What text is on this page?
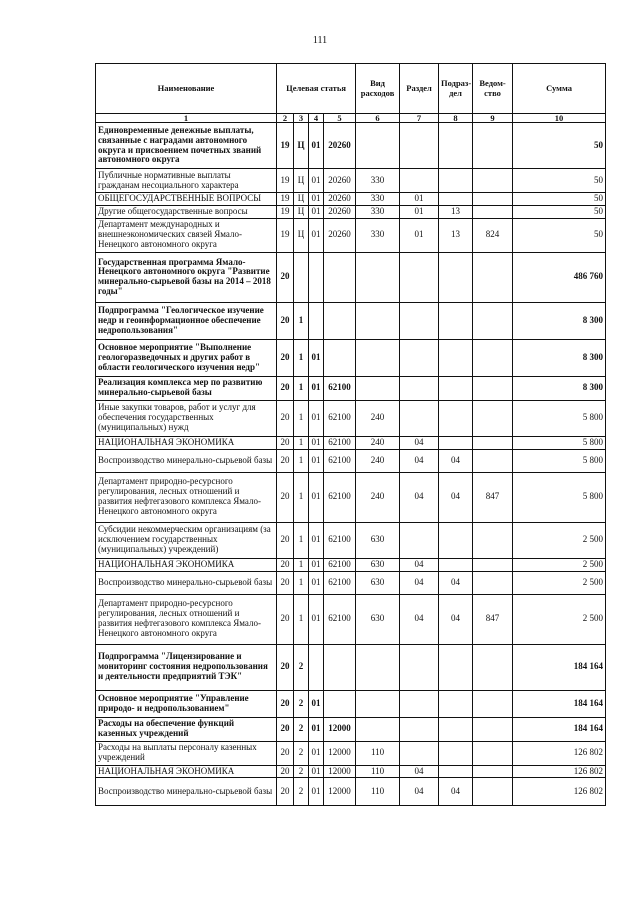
111
Наименование	Целевая статья				Вид расходов	Раздел	Подраз-дел	Ведом-ство	Сумма
1	2	3	4	5	6	7	8	9	10
Единовременные денежные выплаты, связанные с наградами автономного округа и присвоением почетных званий автономного округа	19	Ц	01	20260					50
Публичные нормативные выплаты гражданам несоциального характера	19	Ц	01	20260	330				50
ОБЩЕГОСУДАРСТВЕННЫЕ ВОПРОСЫ	19	Ц	01	20260	330	01			50
Другие общегосударственные вопросы	19	Ц	01	20260	330	01	13		50
Департамент международных и внешнеэкономических связей Ямало-Ненецкого автономного округа	19	Ц	01	20260	330	01	13	824	50
Государственная программа Ямало-Ненецкого автономного округа "Развитие минерально-сырьевой базы на 2014 – 2018 годы"	20								486 760
Подпрограмма "Геологическое изучение недр и геоинформационное обеспечение недропользования"	20	1							8 300
Основное мероприятие "Выполнение геологоразведочных и других работ в области геологического изучения недр"	20	1	01						8 300
Реализация комплекса мер по развитию минерально-сырьевой базы	20	1	01	62100					8 300
Иные закупки товаров, работ и услуг для обеспечения государственных (муниципальных) нужд	20	1	01	62100	240				5 800
НАЦИОНАЛЬНАЯ ЭКОНОМИКА	20	1	01	62100	240	04			5 800
Воспроизводство минерально-сырьевой базы	20	1	01	62100	240	04	04		5 800
Департамент природно-ресурсного регулирования, лесных отношений и развития нефтегазового комплекса Ямало-Ненецкого автономного округа	20	1	01	62100	240	04	04	847	5 800
Субсидии некоммерческим организациям (за исключением государственных (муниципальных) учреждений)	20	1	01	62100	630				2 500
НАЦИОНАЛЬНАЯ ЭКОНОМИКА	20	1	01	62100	630	04			2 500
Воспроизводство минерально-сырьевой базы	20	1	01	62100	630	04	04		2 500
Департамент природно-ресурсного регулирования, лесных отношений и развития нефтегазового комплекса Ямало-Ненецкого автономного округа	20	1	01	62100	630	04	04	847	2 500
Подпрограмма "Лицензирование и мониторинг состояния недропользования и деятельности предприятий ТЭК"	20	2							184 164
Основное мероприятие "Управление природо- и недропользованием"	20	2	01						184 164
Расходы на обеспечение функций казенных учреждений	20	2	01	12000					184 164
Расходы на выплаты персоналу казенных учреждений	20	2	01	12000	110				126 802
НАЦИОНАЛЬНАЯ ЭКОНОМИКА	20	2	01	12000	110	04			126 802
Воспроизводство минерально-сырьевой базы	20	2	01	12000	110	04	04		126 802
